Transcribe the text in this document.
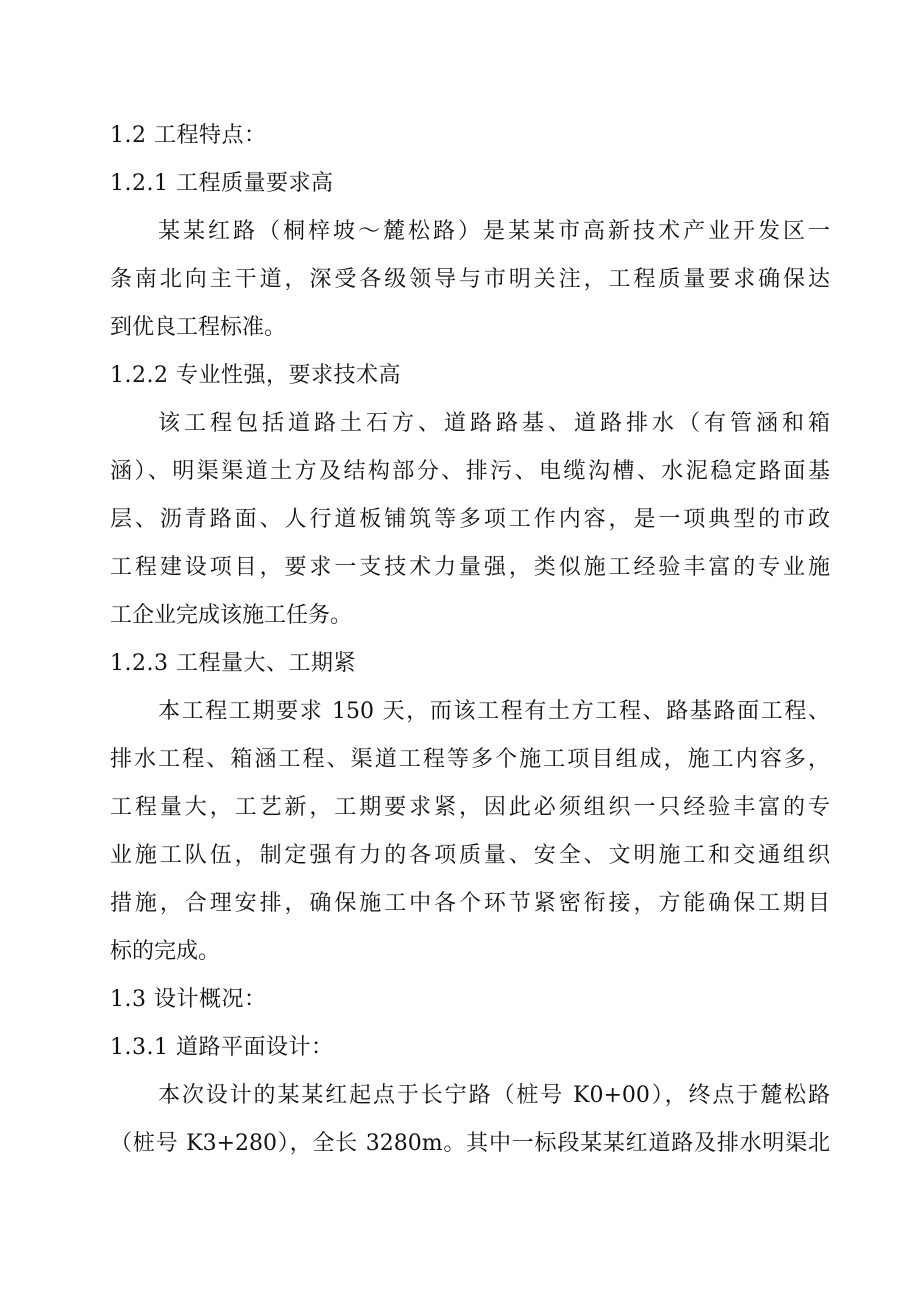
1.2 工程特点：
1.2.1 工程质量要求高
某某红路（桐梓坡～麓松路）是某某市高新技术产业开发区一
条南北向主干道，深受各级领导与市明关注，工程质量要求确保达
到优良工程标准。
1.2.2 专业性强，要求技术高
该工程包括道路土石方、道路路基、道路排水（有管涵和箱
涵）、明渠渠道土方及结构部分、排污、电缆沟槽、水泥稳定路面基
层、沥青路面、人行道板铺筑等多项工作内容，是一项典型的市政
工程建设项目，要求一支技术力量强，类似施工经验丰富的专业施
工企业完成该施工任务。
1.2.3 工程量大、工期紧
本工程工期要求 150 天，而该工程有土方工程、路基路面工程、
排水工程、箱涵工程、渠道工程等多个施工项目组成，施工内容多，
工程量大，工艺新，工期要求紧，因此必须组织一只经验丰富的专
业施工队伍，制定强有力的各项质量、安全、文明施工和交通组织
措施，合理安排，确保施工中各个环节紧密衔接，方能确保工期目
标的完成。
1.3 设计概况：
1.3.1 道路平面设计：
本次设计的某某红起点于长宁路（桩号 K0+00），终点于麓松路
（桩号 K3+280），全长 3280m。其中一标段某某红道路及排水明渠北
